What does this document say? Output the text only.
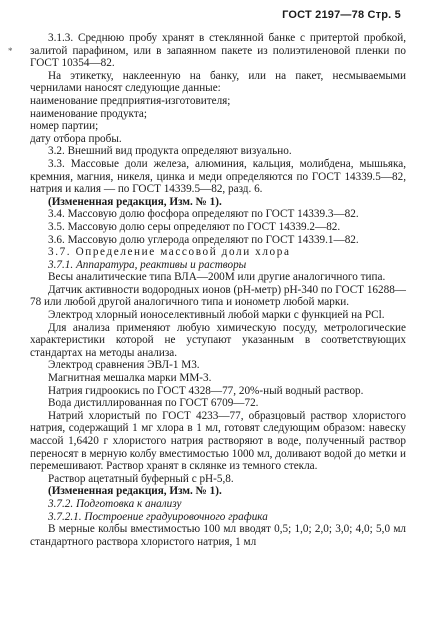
ГОСТ 2197—78 Стр. 5
*

3.1.3. Среднюю пробу хранят в стеклянной банке с притертой пробкой, залитой парафином, или в запаянном пакете из полиэтиленовой пленки по ГОСТ 10354—82.

На этикетку, наклеенную на банку, или на пакет, несмываемыми чернилами наносят следующие данные:

наименование предприятия-изготовителя;

наименование продукта;

номер партии;

дату отбора пробы.

3.2. Внешний вид продукта определяют визуально.

3.3. Массовые доли железа, алюминия, кальция, молибдена, мышьяка, кремния, магния, никеля, цинка и меди определяются по ГОСТ 14339.5—82, натрия и калия — по ГОСТ 14339.5—82, разд. 6.

(Измененная редакция, Изм. № 1).

3.4. Массовую долю фосфора определяют по ГОСТ 14339.3—82.

3.5. Массовую долю серы определяют по ГОСТ 14339.2—82.

3.6. Массовую долю углерода определяют по ГОСТ 14339.1—82.

3.7. Определение массовой доли хлора

3.7.1. Аппаратура, реактивы и растворы

Весы аналитические типа ВЛА—200М или другие аналогичного типа.

Датчик активности водородных ионов (рН-метр) рН-340 по ГОСТ 16288—78 или любой другой аналогичного типа и ионометр любой марки.

Электрод хлорный ионоселективный любой марки с функцией на PCl.

Для анализа применяют любую химическую посуду, метрологические характеристики которой не уступают указанным в соответствующих стандартах на методы анализа.

Электрод сравнения ЭВЛ-1 М3.

Магнитная мешалка марки ММ-3.

Натрия гидроокись по ГОСТ 4328—77, 20%-ный водный раствор.

Вода дистиллированная по ГОСТ 6709—72.

Натрий хлористый по ГОСТ 4233—77, образцовый раствор хлористого натрия, содержащий 1 мг хлора в 1 мл, готовят следующим образом: навеску массой 1,6420 г хлористого натрия растворяют в воде, полученный раствор переносят в мерную колбу вместимостью 1000 мл, доливают водой до метки и перемешивают. Раствор хранят в склянке из темного стекла.

Раствор ацетатный буферный с рН-5,8.

(Измененная редакция, Изм. № 1).

3.7.2. Подготовка к анализу

3.7.2.1. Построение градуировочного графика

В мерные колбы вместимостью 100 мл вводят 0,5; 1,0; 2,0; 3,0; 4,0; 5,0 мл стандартного раствора хлористого натрия, 1 мл
